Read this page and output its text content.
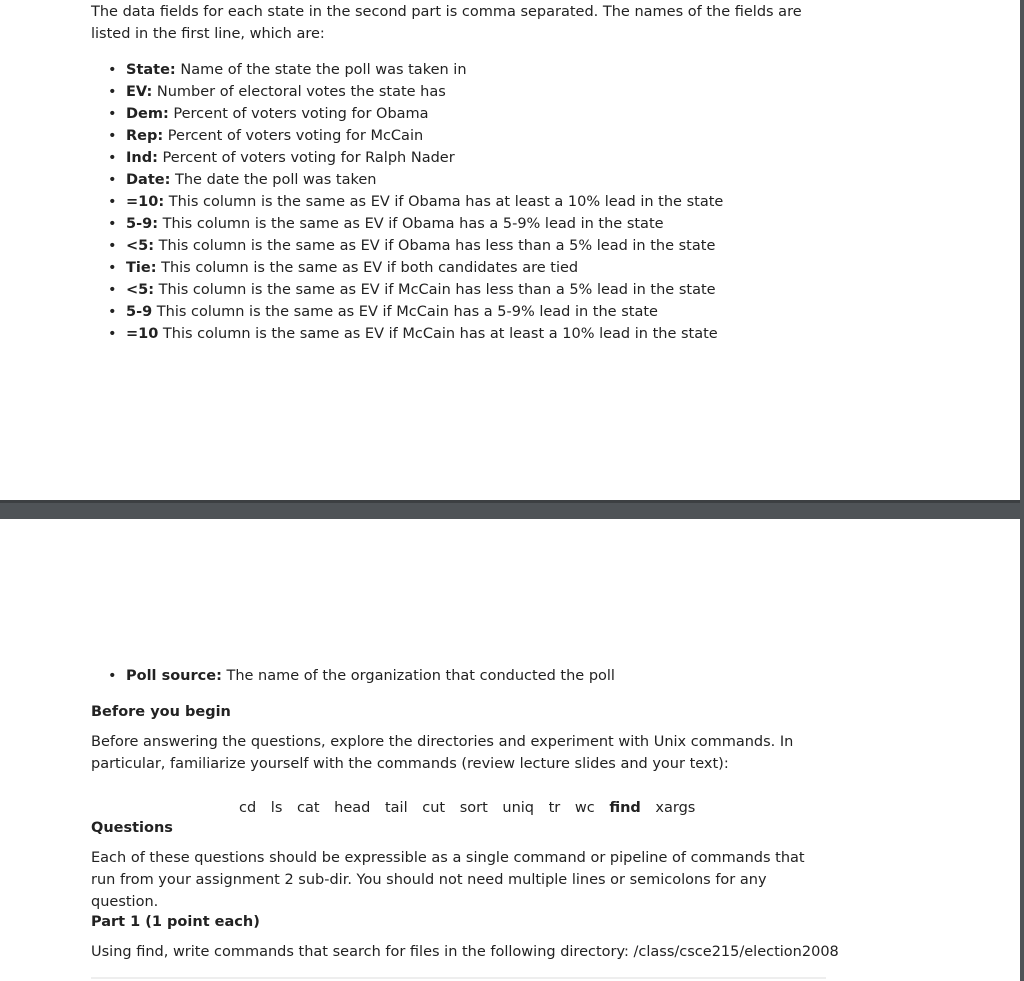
The data fields for each state in the second part is comma separated. The names of the fields are listed in the first line, which are:

• State: Name of the state the poll was taken in
• EV: Number of electoral votes the state has
• Dem: Percent of voters voting for Obama
• Rep: Percent of voters voting for McCain
• Ind: Percent of voters voting for Ralph Nader
• Date: The date the poll was taken
• =10: This column is the same as EV if Obama has at least a 10% lead in the state
• 5-9: This column is the same as EV if Obama has a 5-9% lead in the state
• <5: This column is the same as EV if Obama has less than a 5% lead in the state
• Tie: This column is the same as EV if both candidates are tied
• <5: This column is the same as EV if McCain has less than a 5% lead in the state
• 5-9 This column is the same as EV if McCain has a 5-9% lead in the state
• =10 This column is the same as EV if McCain has at least a 10% lead in the state
• Poll source: The name of the organization that conducted the poll
Before you begin

Before answering the questions, explore the directories and experiment with Unix commands. In particular, familiarize yourself with the commands (review lecture slides and your text):

cd ls cat head tail cut sort uniq tr wc find xargs
Questions

Each of these questions should be expressible as a single command or pipeline of commands that run from your assignment 2 sub-dir. You should not need multiple lines or semicolons for any question.

Part 1 (1 point each)

Using find, write commands that search for files in the following directory: /class/csce215/election2008
